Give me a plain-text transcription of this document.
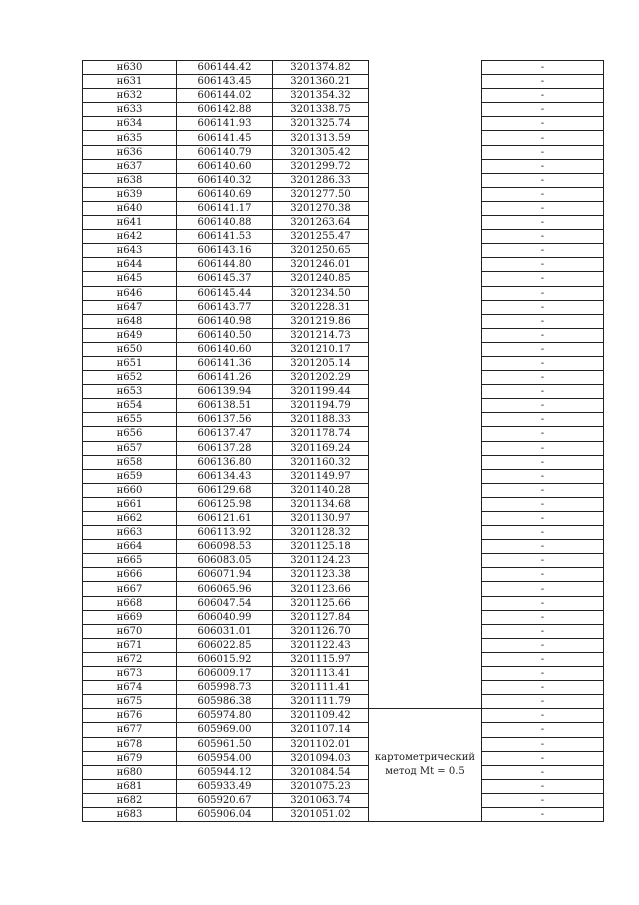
н630	606144.42	3201374.82		-
н631	606143.45	3201360.21		-
н632	606144.02	3201354.32		-
н633	606142.88	3201338.75		-
н634	606141.93	3201325.74		-
н635	606141.45	3201313.59		-
н636	606140.79	3201305.42		-
н637	606140.60	3201299.72		-
н638	606140.32	3201286.33		-
н639	606140.69	3201277.50		-
н640	606141.17	3201270.38		-
н641	606140.88	3201263.64		-
н642	606141.53	3201255.47		-
н643	606143.16	3201250.65		-
н644	606144.80	3201246.01		-
н645	606145.37	3201240.85		-
н646	606145.44	3201234.50		-
н647	606143.77	3201228.31		-
н648	606140.98	3201219.86		-
н649	606140.50	3201214.73		-
н650	606140.60	3201210.17		-
н651	606141.36	3201205.14		-
н652	606141.26	3201202.29		-
н653	606139.94	3201199.44		-
н654	606138.51	3201194.79		-
н655	606137.56	3201188.33		-
н656	606137.47	3201178.74		-
н657	606137.28	3201169.24		-
н658	606136.80	3201160.32		-
н659	606134.43	3201149.97		-
н660	606129.68	3201140.28		-
н661	606125.98	3201134.68		-
н662	606121.61	3201130.97		-
н663	606113.92	3201128.32		-
н664	606098.53	3201125.18		-
н665	606083.05	3201124.23		-
н666	606071.94	3201123.38		-
н667	606065.96	3201123.66		-
н668	606047.54	3201125.66		-
н669	606040.99	3201127.84		-
н670	606031.01	3201126.70		-
н671	606022.85	3201122.43		-
н672	606015.92	3201115.97		-
н673	606009.17	3201113.41		-
н674	605998.73	3201111.41		-
н675	605986.38	3201111.79		-
н676	605974.80	3201109.42	картометрический метод Mt = 0.5	-
н677	605969.00	3201107.14		-
н678	605961.50	3201102.01		-
н679	605954.00	3201094.03		-
н680	605944.12	3201084.54		-
н681	605933.49	3201075.23		-
н682	605920.67	3201063.74		-
н683	605906.04	3201051.02		-
